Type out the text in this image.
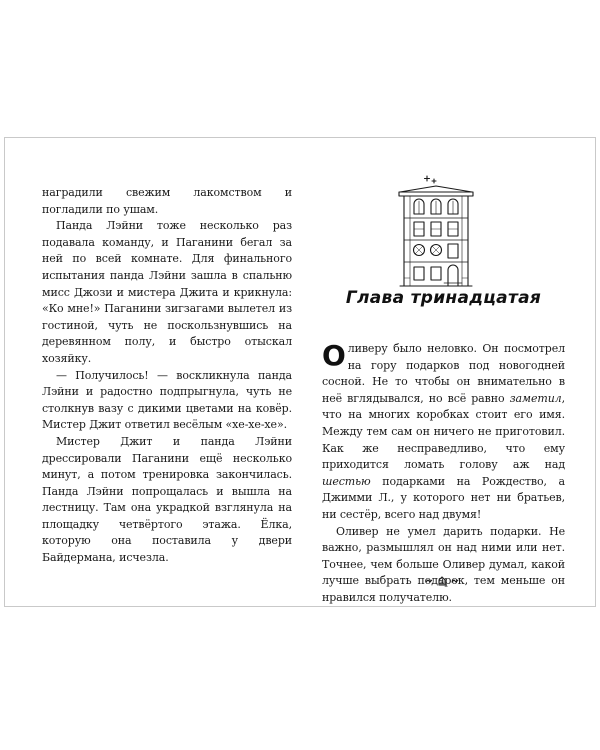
наградили свежим лакомством и погладили по ушам.

Панда Лэйни тоже несколько раз подавала команду, и Паганини бегал за ней по всей комнате. Для финального испытания панда Лэйни зашла в спальню мисс Джози и мистера Джита и крикнула: «Ко мне!» Паганини зигзагами вылетел из гостиной, чуть не поскользнувшись на деревянном полу, и быстро отыскал хозяйку.

— Получилось! — воскликнула панда Лэйни и радостно подпрыгнула, чуть не столкнув вазу с дикими цветами на ковёр. Мистер Джит ответил весёлым «хе-хе-хе».

Мистер Джит и панда Лэйни дрессировали Паганини ещё несколько минут, а потом тренировка закончилась. Панда Лэйни попрощалась и вышла на лестницу. Там она украдкой взглянула на площадку четвёртого этажа. Ёлка, которую она поставила у двери Байдермана, исчезла.

Глава тринадцатая

Оливеру было неловко. Он посмотрел на гору подарков под новогодней сосной. Не то чтобы он внимательно в неё вглядывался, но всё равно заметил, что на многих коробках стоит его имя. Между тем сам он ничего не приготовил. Как же несправедливо, что ему приходится ломать голову аж над шестью подарками на Рождество, а Джимми Л., у которого нет ни братьев, ни сестёр, всего над двумя!

Оливер не умел дарить подарки. Не важно, размышлял он над ними или нет. Точнее, чем больше Оливер думал, какой лучше выбрать подарок, тем меньше он нравился получателю.
